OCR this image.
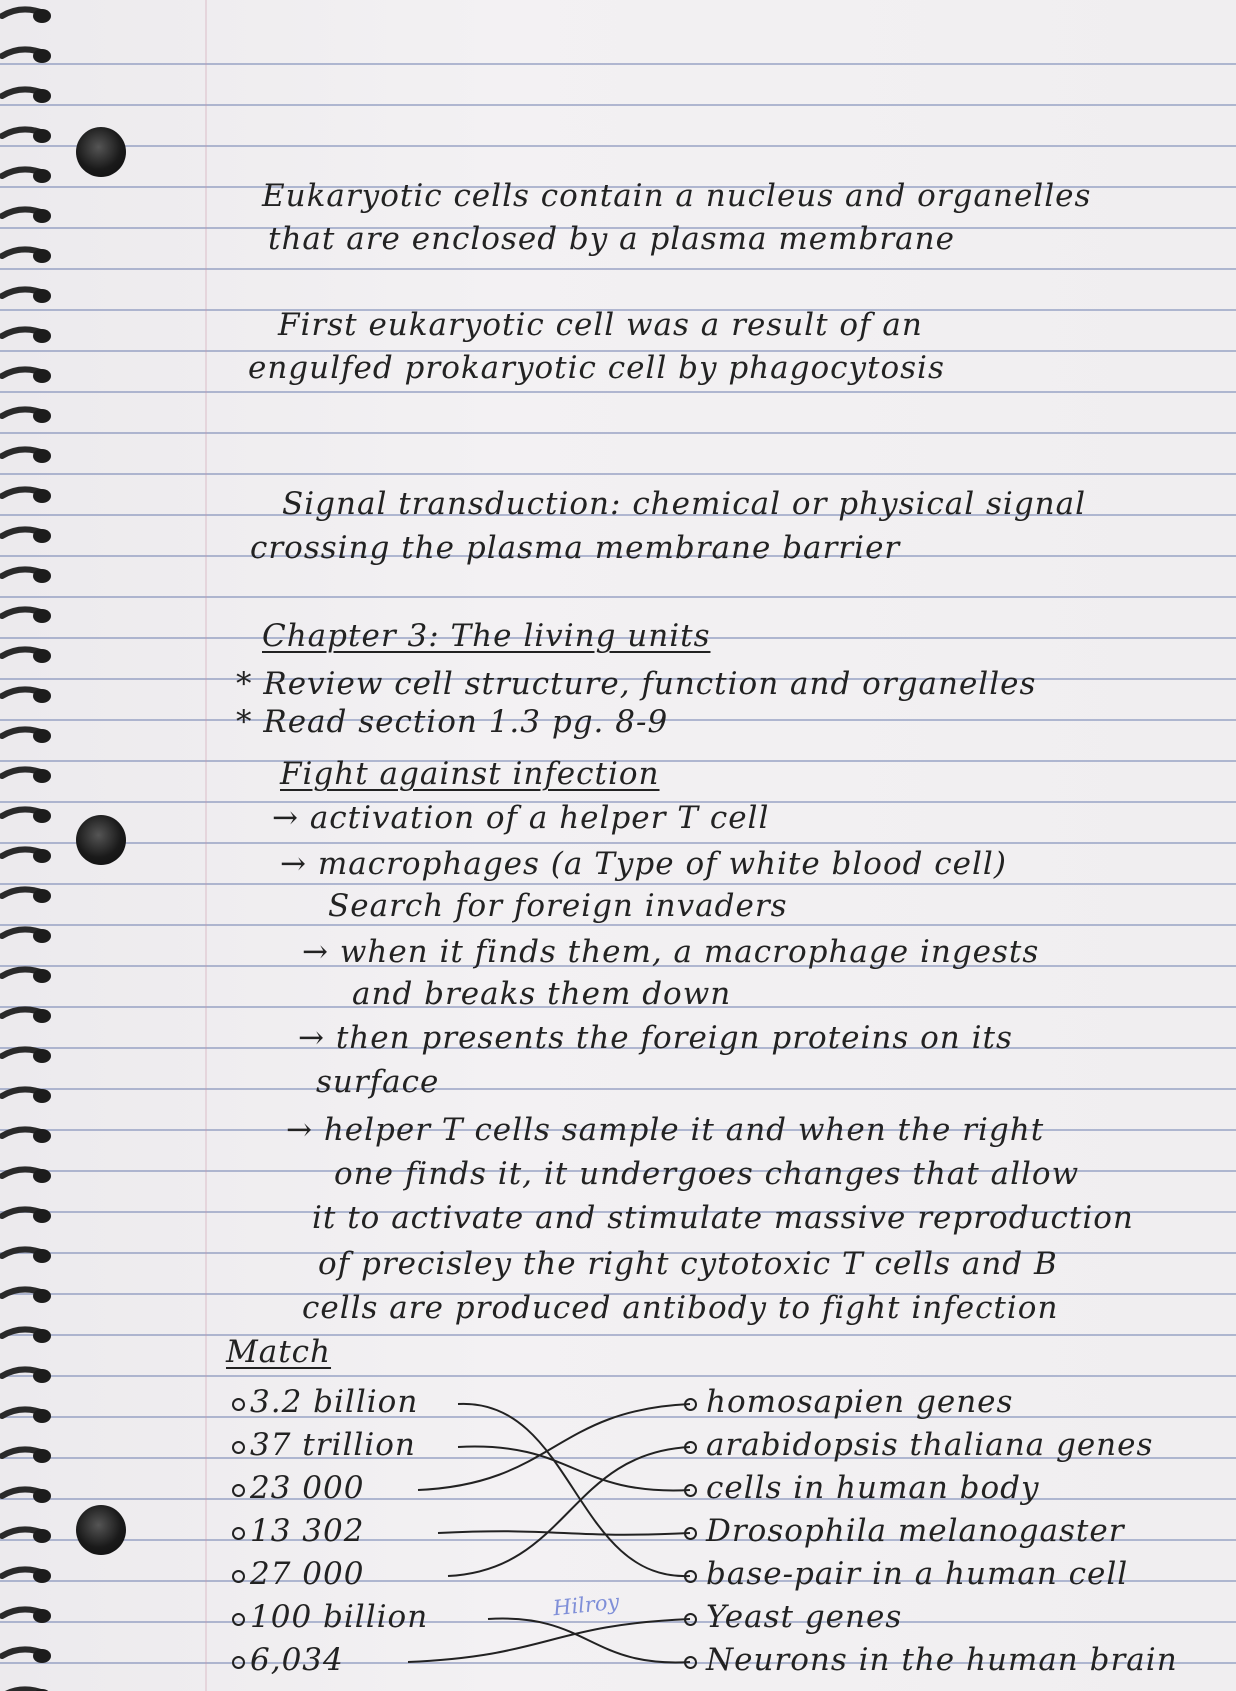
Eukaryotic cells contain a nucleus and organelles
that are enclosed by a plasma membrane
First eukaryotic cell was a result of an
engulfed prokaryotic cell by phagocytosis
Signal transduction: chemical or physical signal
crossing the plasma membrane barrier
Chapter 3: The living units
* Review cell structure, function and organelles
* Read section 1.3 pg. 8-9
Fight against infection
→ activation of a helper T cell
→ macrophages (a Type of white blood cell)
Search for foreign invaders
→ when it finds them, a macrophage ingests
and breaks them down
→ then presents the foreign proteins on its
surface
→ helper T cells sample it and when the right
one finds it, it undergoes changes that allow
it to activate and stimulate massive reproduction
of precisley the right cytotoxic T cells and B
cells are produced antibody to fight infection
Match
Hilroy
3.2 billion
37 trillion
23 000
13 302
27 000
100 billion
6,034
homosapien genes
arabidopsis thaliana genes
cells in human body
Drosophila melanogaster
base-pair in a human cell
Yeast genes
Neurons in the human brain
